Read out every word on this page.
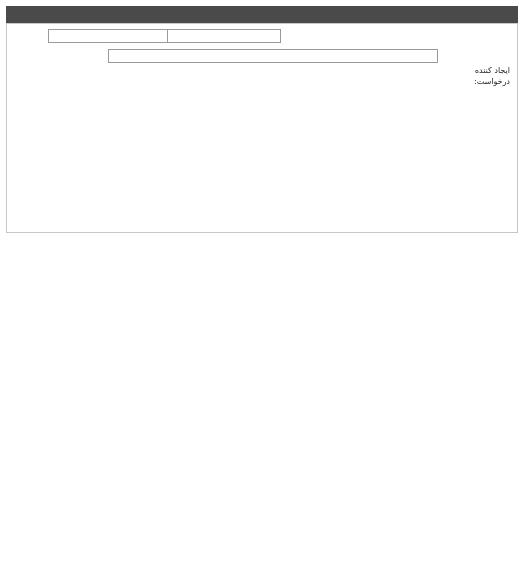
ایجاد کننده
درخواست:
